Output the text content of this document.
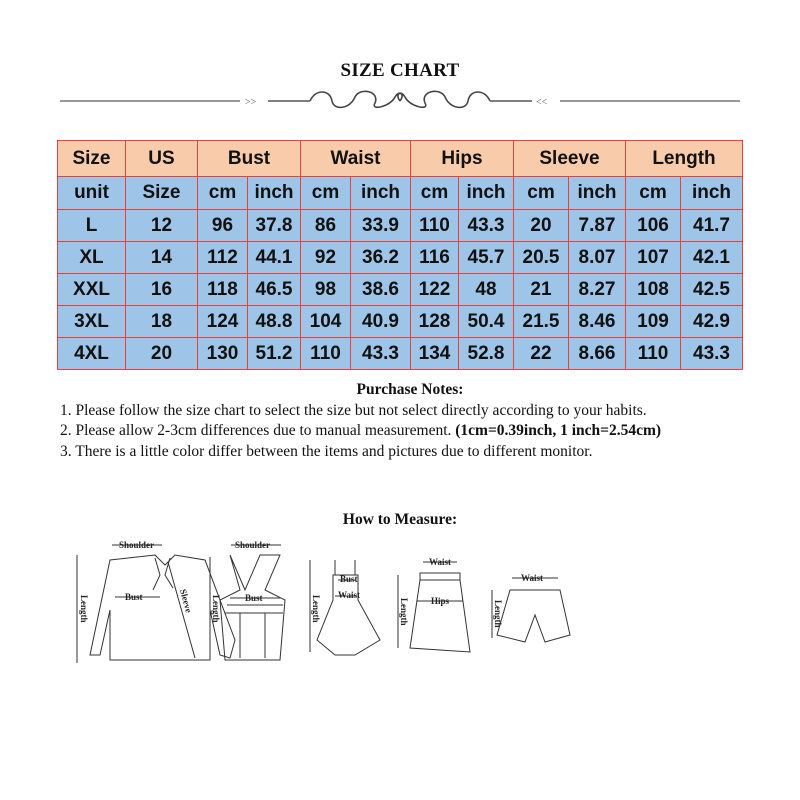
SIZE CHART
>>	<<
Size	US	Bust		Waist		Hips		Sleeve		Length	
unit	Size	cm	inch	cm	inch	cm	inch	cm	inch	cm	inch
L	12	96	37.8	86	33.9	110	43.3	20	7.87	106	41.7
XL	14	112	44.1	92	36.2	116	45.7	20.5	8.07	107	42.1
XXL	16	118	46.5	98	38.6	122	48	21	8.27	108	42.5
3XL	18	124	48.8	104	40.9	128	50.4	21.5	8.46	109	42.9
4XL	20	130	51.2	110	43.3	134	52.8	22	8.66	110	43.3
Purchase Notes:
1. Please follow the size chart to select the size but not select directly according to your habits.
2. Please allow 2-3cm differences due to manual measurement. (1cm=0.39inch, 1 inch=2.54cm)
3. There is a little color differ between the items and pictures due to different monitor.
How to Measure:
Shoulder
Bust
Length	Sleeve
Shoulder
Bust
Length
Bust
Waist
Length
Waist
Hips
Length
Waist
Length
